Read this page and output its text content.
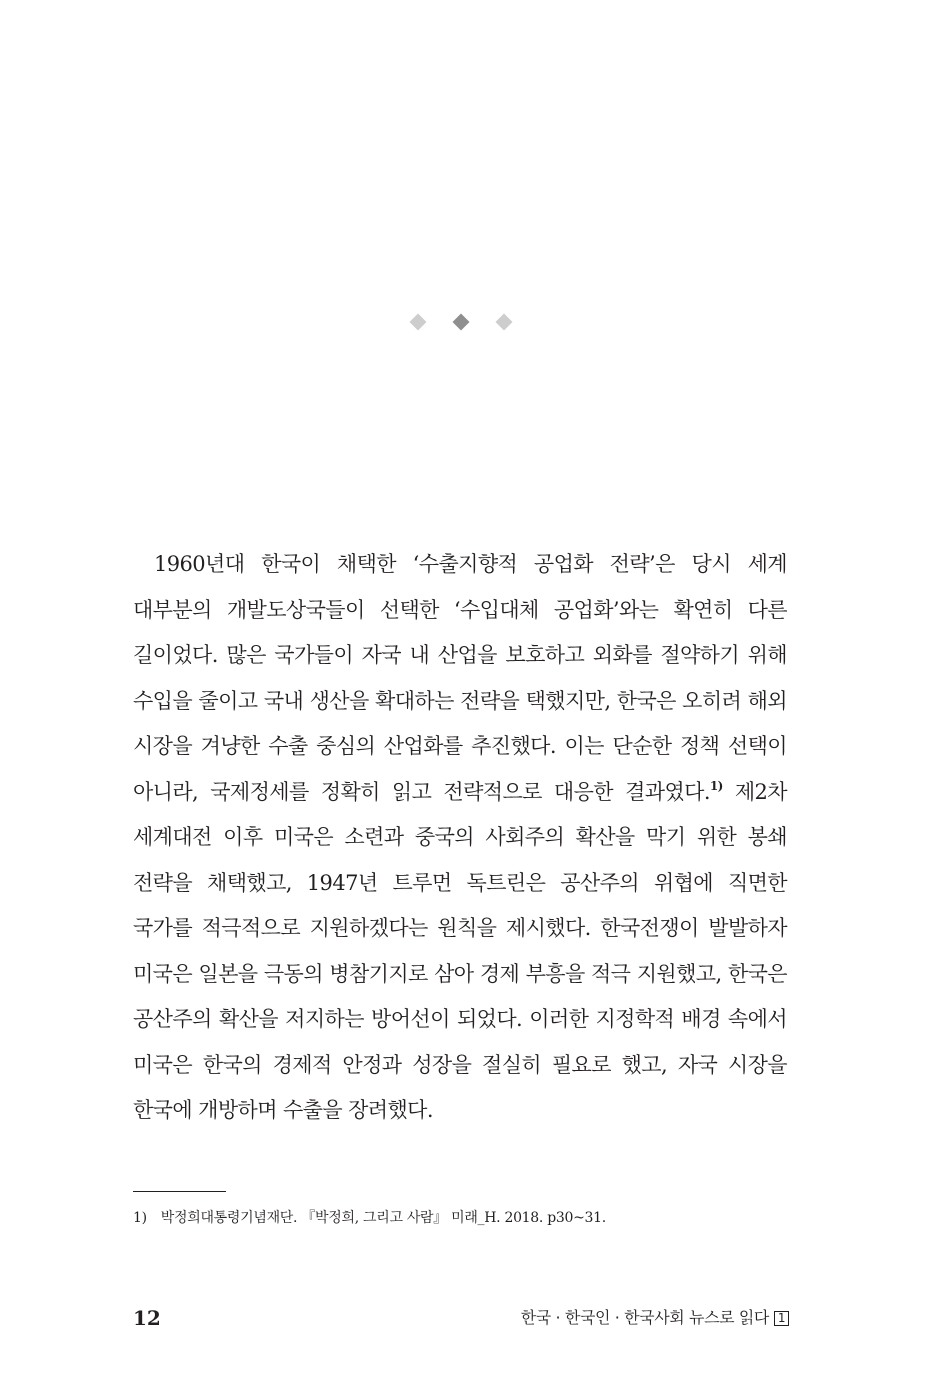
1960년대 한국이 채택한 ‘수출지향적 공업화 전략’은 당시 세계 대부분의 개발도상국들이 선택한 ‘수입대체 공업화’와는 확연히 다른 길이었다. 많은 국가들이 자국 내 산업을 보호하고 외화를 절약하기 위해 수입을 줄이고 국내 생산을 확대하는 전략을 택했지만, 한국은 오히려 해외 시장을 겨냥한 수출 중심의 산업화를 추진했다. 이는 단순한 정책 선택이 아니라, 국제정세를 정확히 읽고 전략적으로 대응한 결과였다.$^{1)}$ 제2차 세계대전 이후 미국은 소련과 중국의 사회주의 확산을 막기 위한 봉쇄 전략을 채택했고, 1947년 트루먼 독트린은 공산주의 위협에 직면한 국가를 적극적으로 지원하겠다는 원칙을 제시했다. 한국전쟁이 발발하자 미국은 일본을 극동의 병참기지로 삼아 경제 부흥을 적극 지원했고, 한국은 공산주의 확산을 저지하는 방어선이 되었다. 이러한 지정학적 배경 속에서 미국은 한국의 경제적 안정과 성장을 절실히 필요로 했고, 자국 시장을 한국에 개방하며 수출을 장려했다.

1) 박정희대통령기념재단. 『박정희, 그리고 사람』 미래_H. 2018. p30~31.
12	한국 · 한국인 · 한국사회 뉴스로 읽다 1
